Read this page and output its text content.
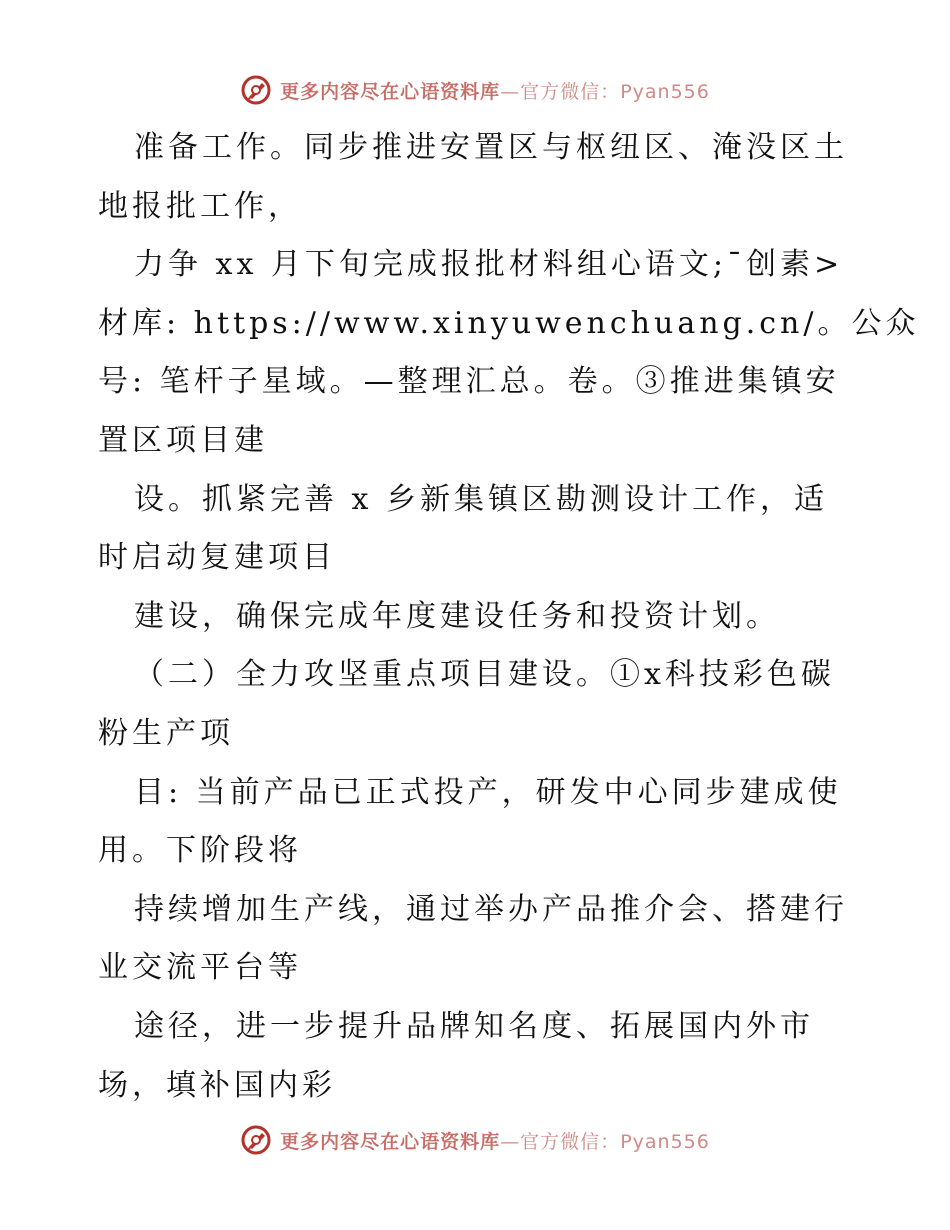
更多内容尽在心语资料库—官方微信：Pyan556
准备工作。同步推进安置区与枢纽区、淹没区土
地报批工作，
力争 xx 月下旬完成报批材料组心语文;¯创素>
材库: https://www.xinyuwenchuang.cn/。公众
号: 笔杆子星域。—整理汇总。卷。③推进集镇安
置区项目建
设。抓紧完善 x 乡新集镇区勘测设计工作，适
时启动复建项目
建设，确保完成年度建设任务和投资计划。
（二）全力攻坚重点项目建设。①x科技彩色碳
粉生产项
目: 当前产品已正式投产，研发中心同步建成使
用。下阶段将
持续增加生产线，通过举办产品推介会、搭建行
业交流平台等
途径，进一步提升品牌知名度、拓展国内外市
场，填补国内彩
更多内容尽在心语资料库—官方微信：Pyan556
